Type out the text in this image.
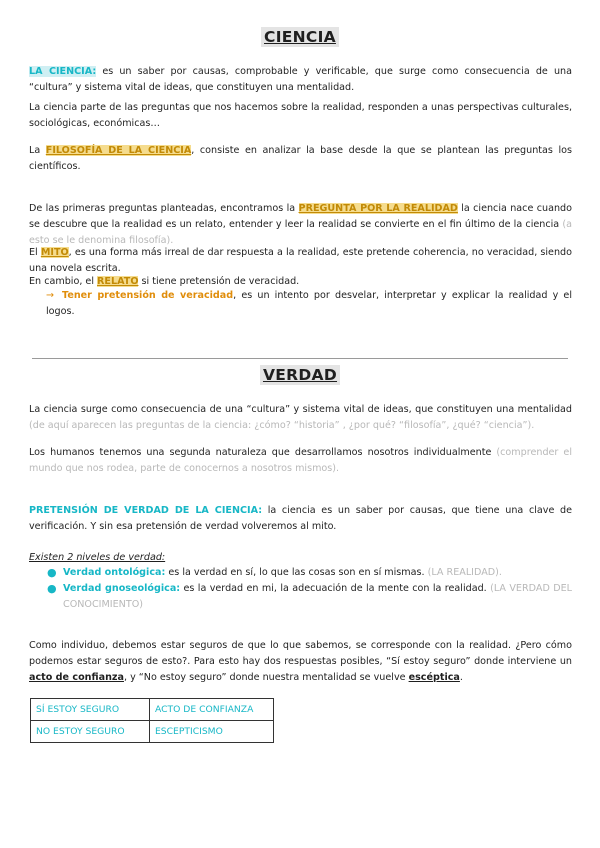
CIENCIA
LA CIENCIA: es un saber por causas, comprobable y verificable, que surge como consecuencia de una “cultura” y sistema vital de ideas, que constituyen una mentalidad.
La ciencia parte de las preguntas que nos hacemos sobre la realidad, responden a unas perspectivas culturales, sociológicas, económicas…
La FILOSOFÍA DE LA CIENCIA, consiste en analizar la base desde la que se plantean las preguntas los científicos.
De las primeras preguntas planteadas, encontramos la PREGUNTA POR LA REALIDAD la ciencia nace cuando se descubre que la realidad es un relato, entender y leer la realidad se convierte en el fin último de la ciencia (a esto se le denomina filosofía).
El MITO, es una forma más irreal de dar respuesta a la realidad, este pretende coherencia, no veracidad, siendo una novela escrita.
En cambio, el RELATO si tiene pretensión de veracidad.
→ Tener pretensión de veracidad, es un intento por desvelar, interpretar y explicar la realidad y el logos.
VERDAD
La ciencia surge como consecuencia de una “cultura” y sistema vital de ideas, que constituyen una mentalidad (de aquí aparecen las preguntas de la ciencia: ¿cómo? “historia” , ¿por qué? “filosofía”, ¿qué? “ciencia”).
Los humanos tenemos una segunda naturaleza que desarrollamos nosotros individualmente (comprender el mundo que nos rodea, parte de conocernos a nosotros mismos).
PRETENSIÓN DE VERDAD DE LA CIENCIA: la ciencia es un saber por causas, que tiene una clave de verificación. Y sin esa pretensión de verdad volveremos al mito.
Existen 2 niveles de verdad:
● Verdad ontológica: es la verdad en sí, lo que las cosas son en sí mismas. (LA REALIDAD).
● Verdad gnoseológica: es la verdad en mi, la adecuación de la mente con la realidad. (LA VERDAD DEL CONOCIMIENTO)
Como individuo, debemos estar seguros de que lo que sabemos, se corresponde con la realidad. ¿Pero cómo podemos estar seguros de esto?. Para esto hay dos respuestas posibles, “Sí estoy seguro” donde interviene un acto de confianza, y “No estoy seguro” donde nuestra mentalidad se vuelve escéptica.
SÍ ESTOY SEGURO	ACTO DE CONFIANZA
NO ESTOY SEGURO	ESCEPTICISMO
